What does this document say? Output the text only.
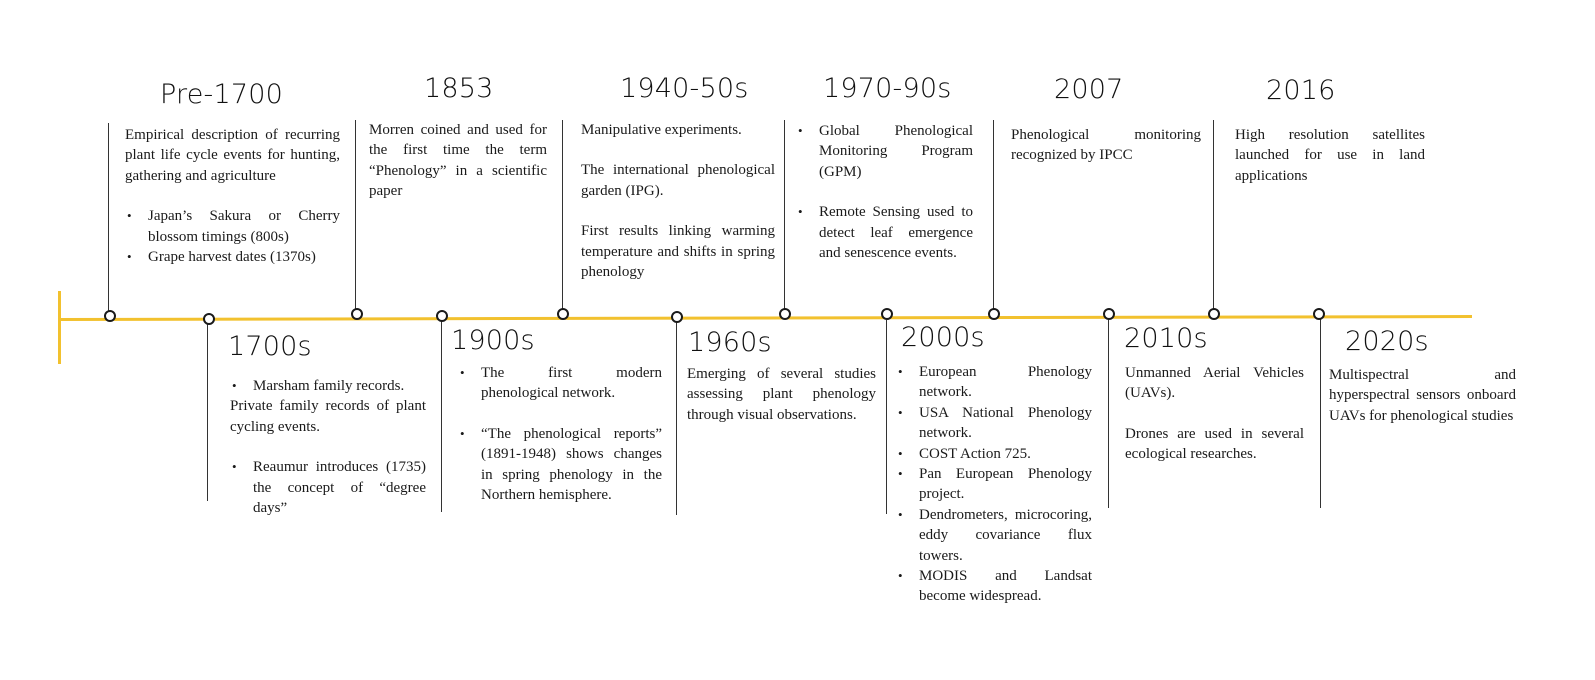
Pre-1700

Empirical description of recurring plant life cycle events for hunting, gathering and agriculture

• Japan’s Sakura or Cherry blossom timings (800s)
• Grape harvest dates (1370s)
1700s
• Marsham family records.

Private family records of plant cycling events.

• Reaumur introduces (1735) the concept of “degree days”
1853

Morren coined and used for the first time the term “Phenology” in a scientific paper

1900s
• The first modern phenological network.
• “The phenological reports” (1891-1948) shows changes in spring phenology in the Northern hemisphere.
1940-50s

Manipulative experiments.

The international phenological garden (IPG).

First results linking warming temperature and shifts in spring phenology

1960s

Emerging of several studies assessing plant phenology through visual observations.

1970-90s
• Global Phenological Monitoring Program (GPM)
• Remote Sensing used to detect leaf emergence and senescence events.
2000s
• European Phenology network.
• USA National Phenology network.
• COST Action 725.
• Pan European Phenology project.
• Dendrometers, microcoring, eddy covariance flux towers.
• MODIS and Landsat become widespread.
2007

Phenological monitoring recognized by IPCC

2010s

Unmanned Aerial Vehicles (UAVs).

Drones are used in several ecological researches.

2016

High resolution satellites launched for use in land applications

2020s

Multispectral and hyperspectral sensors onboard UAVs for phenological studies
